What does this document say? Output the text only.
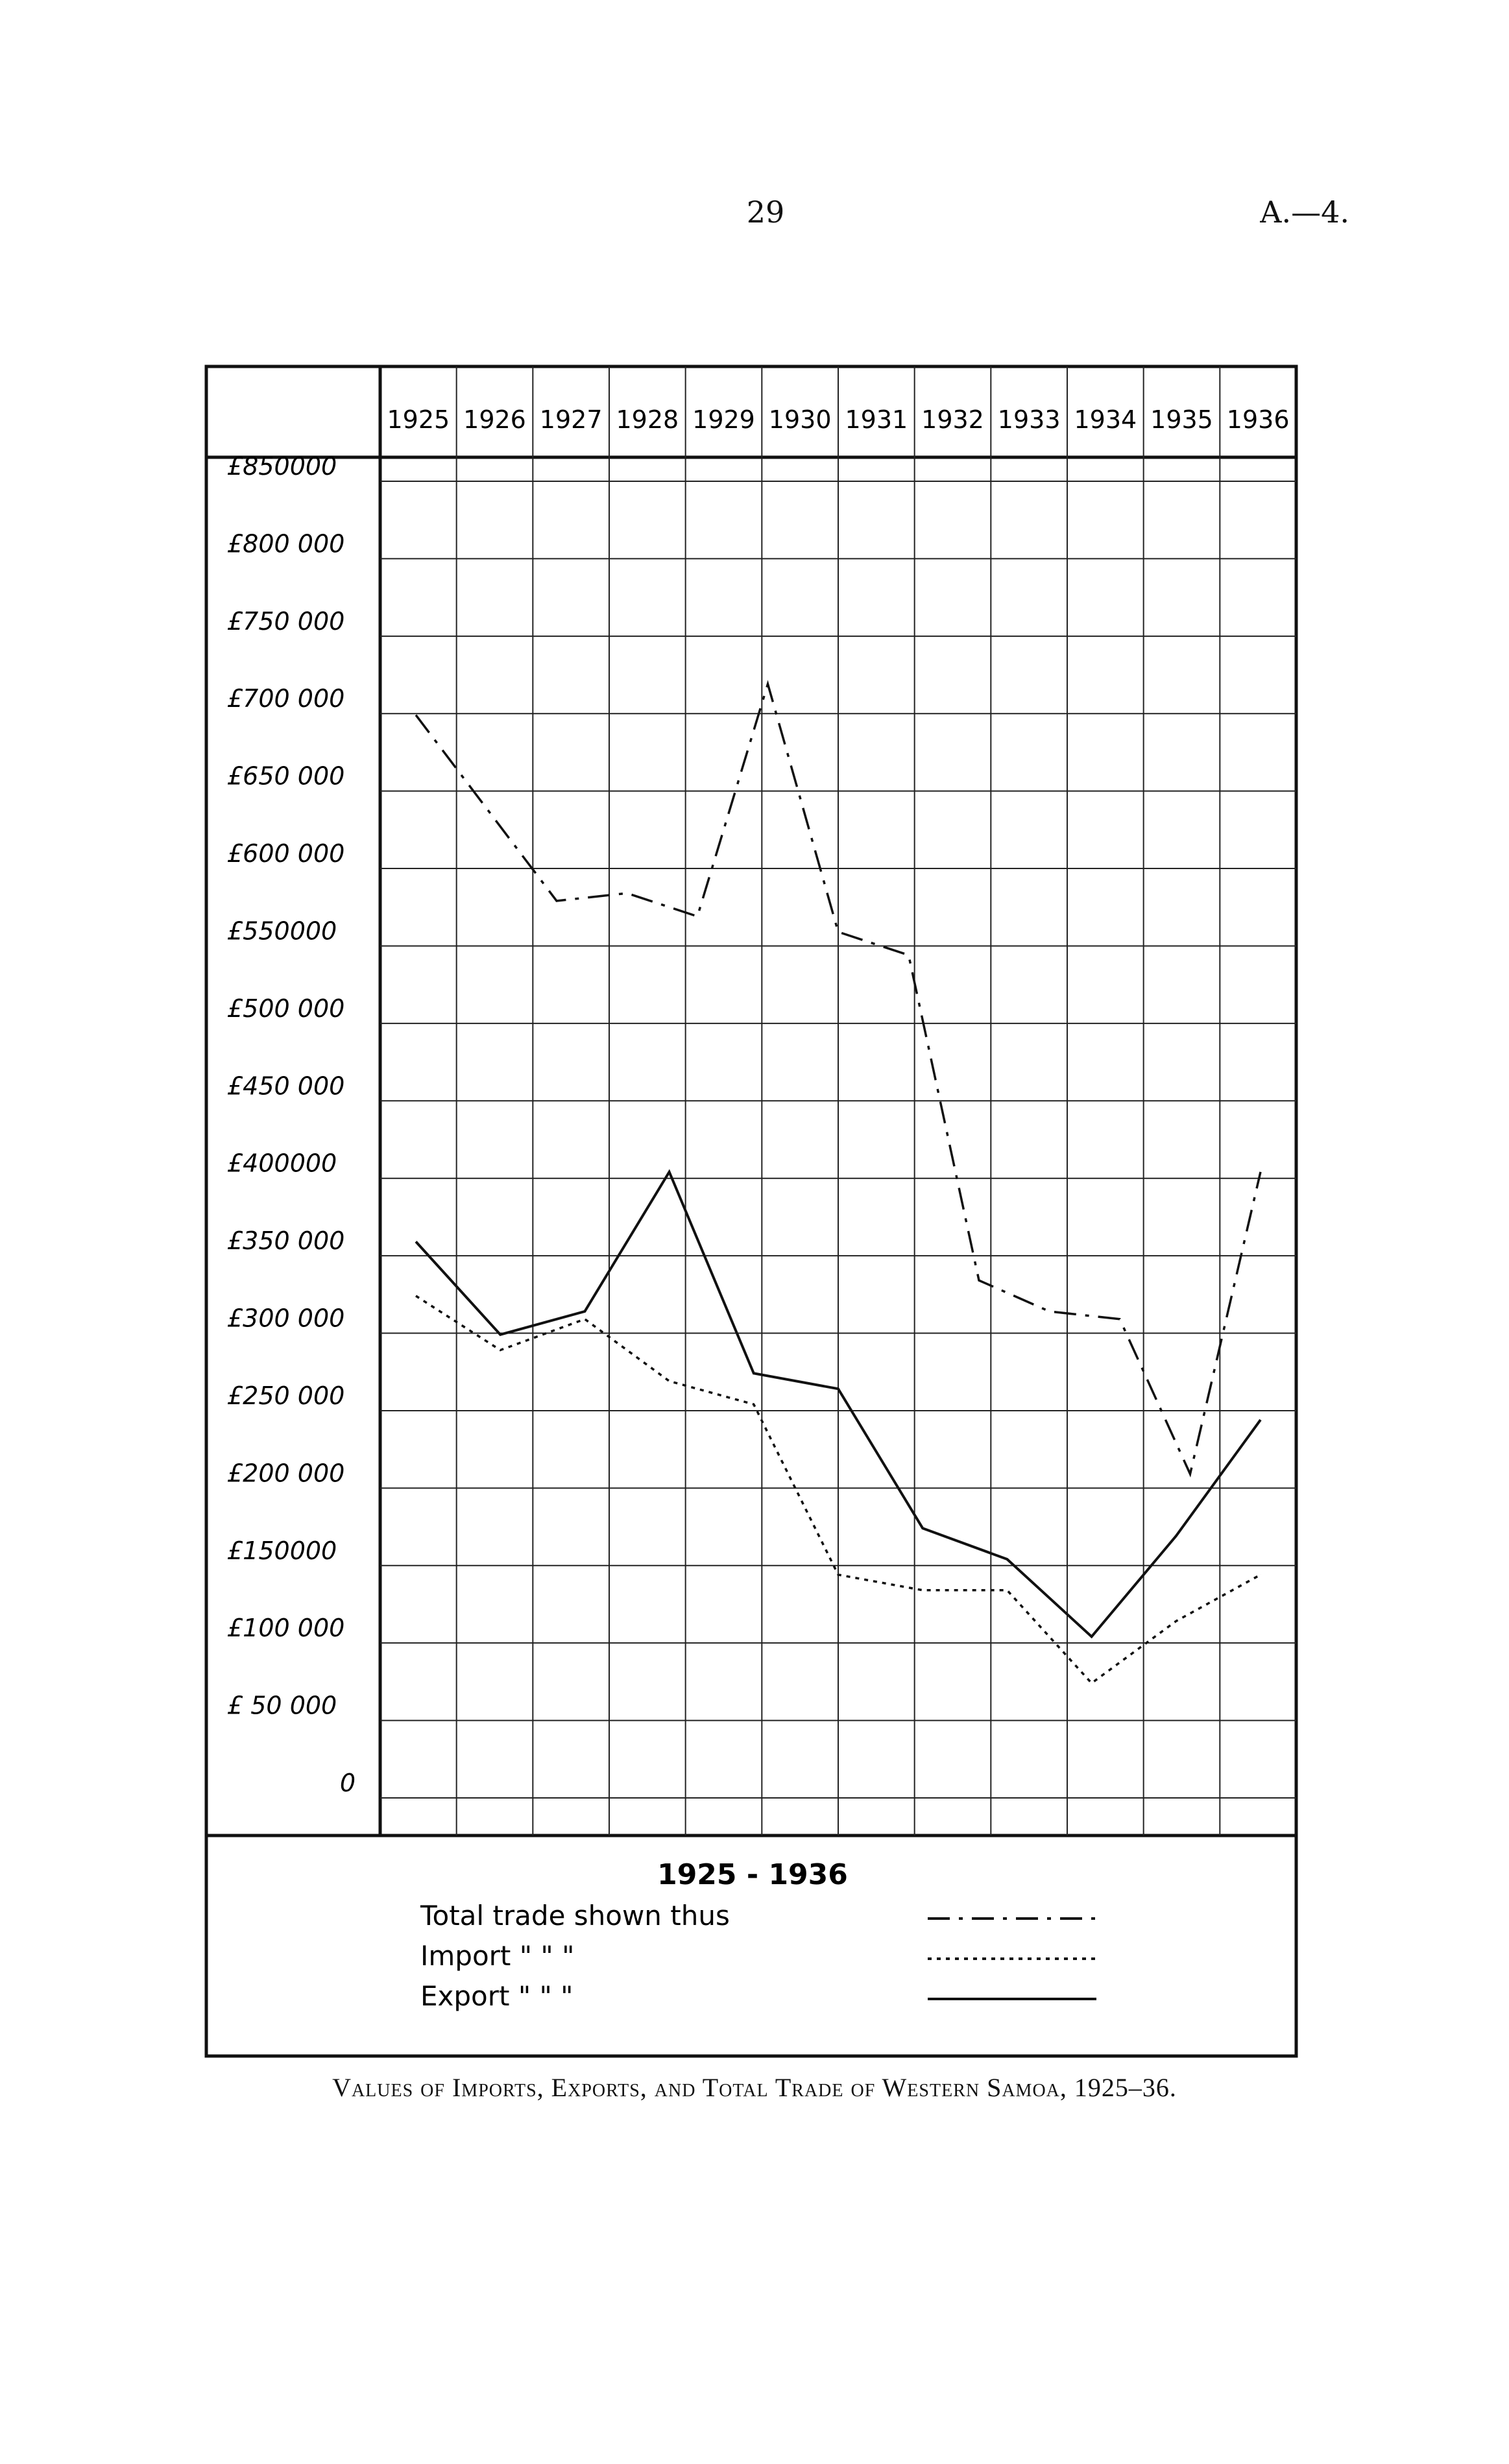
29	A.—4.
1925 1926 1927 1928 1929 1930 1931 1932 1933 1934 1935 1936
£850000
£800 000
£750 000
£700 000
£650 000
£600 000
£550000
£500 000
£450 000
£400000
£350 000
£300 000
£250 000
£200 000
£150000
£100 000
£ 50 000
0
1925 - 1936
Total trade shown thus
Import " " "
Export " " "
Values of Imports, Exports, and Total Trade of Western Samoa, 1925–36.
